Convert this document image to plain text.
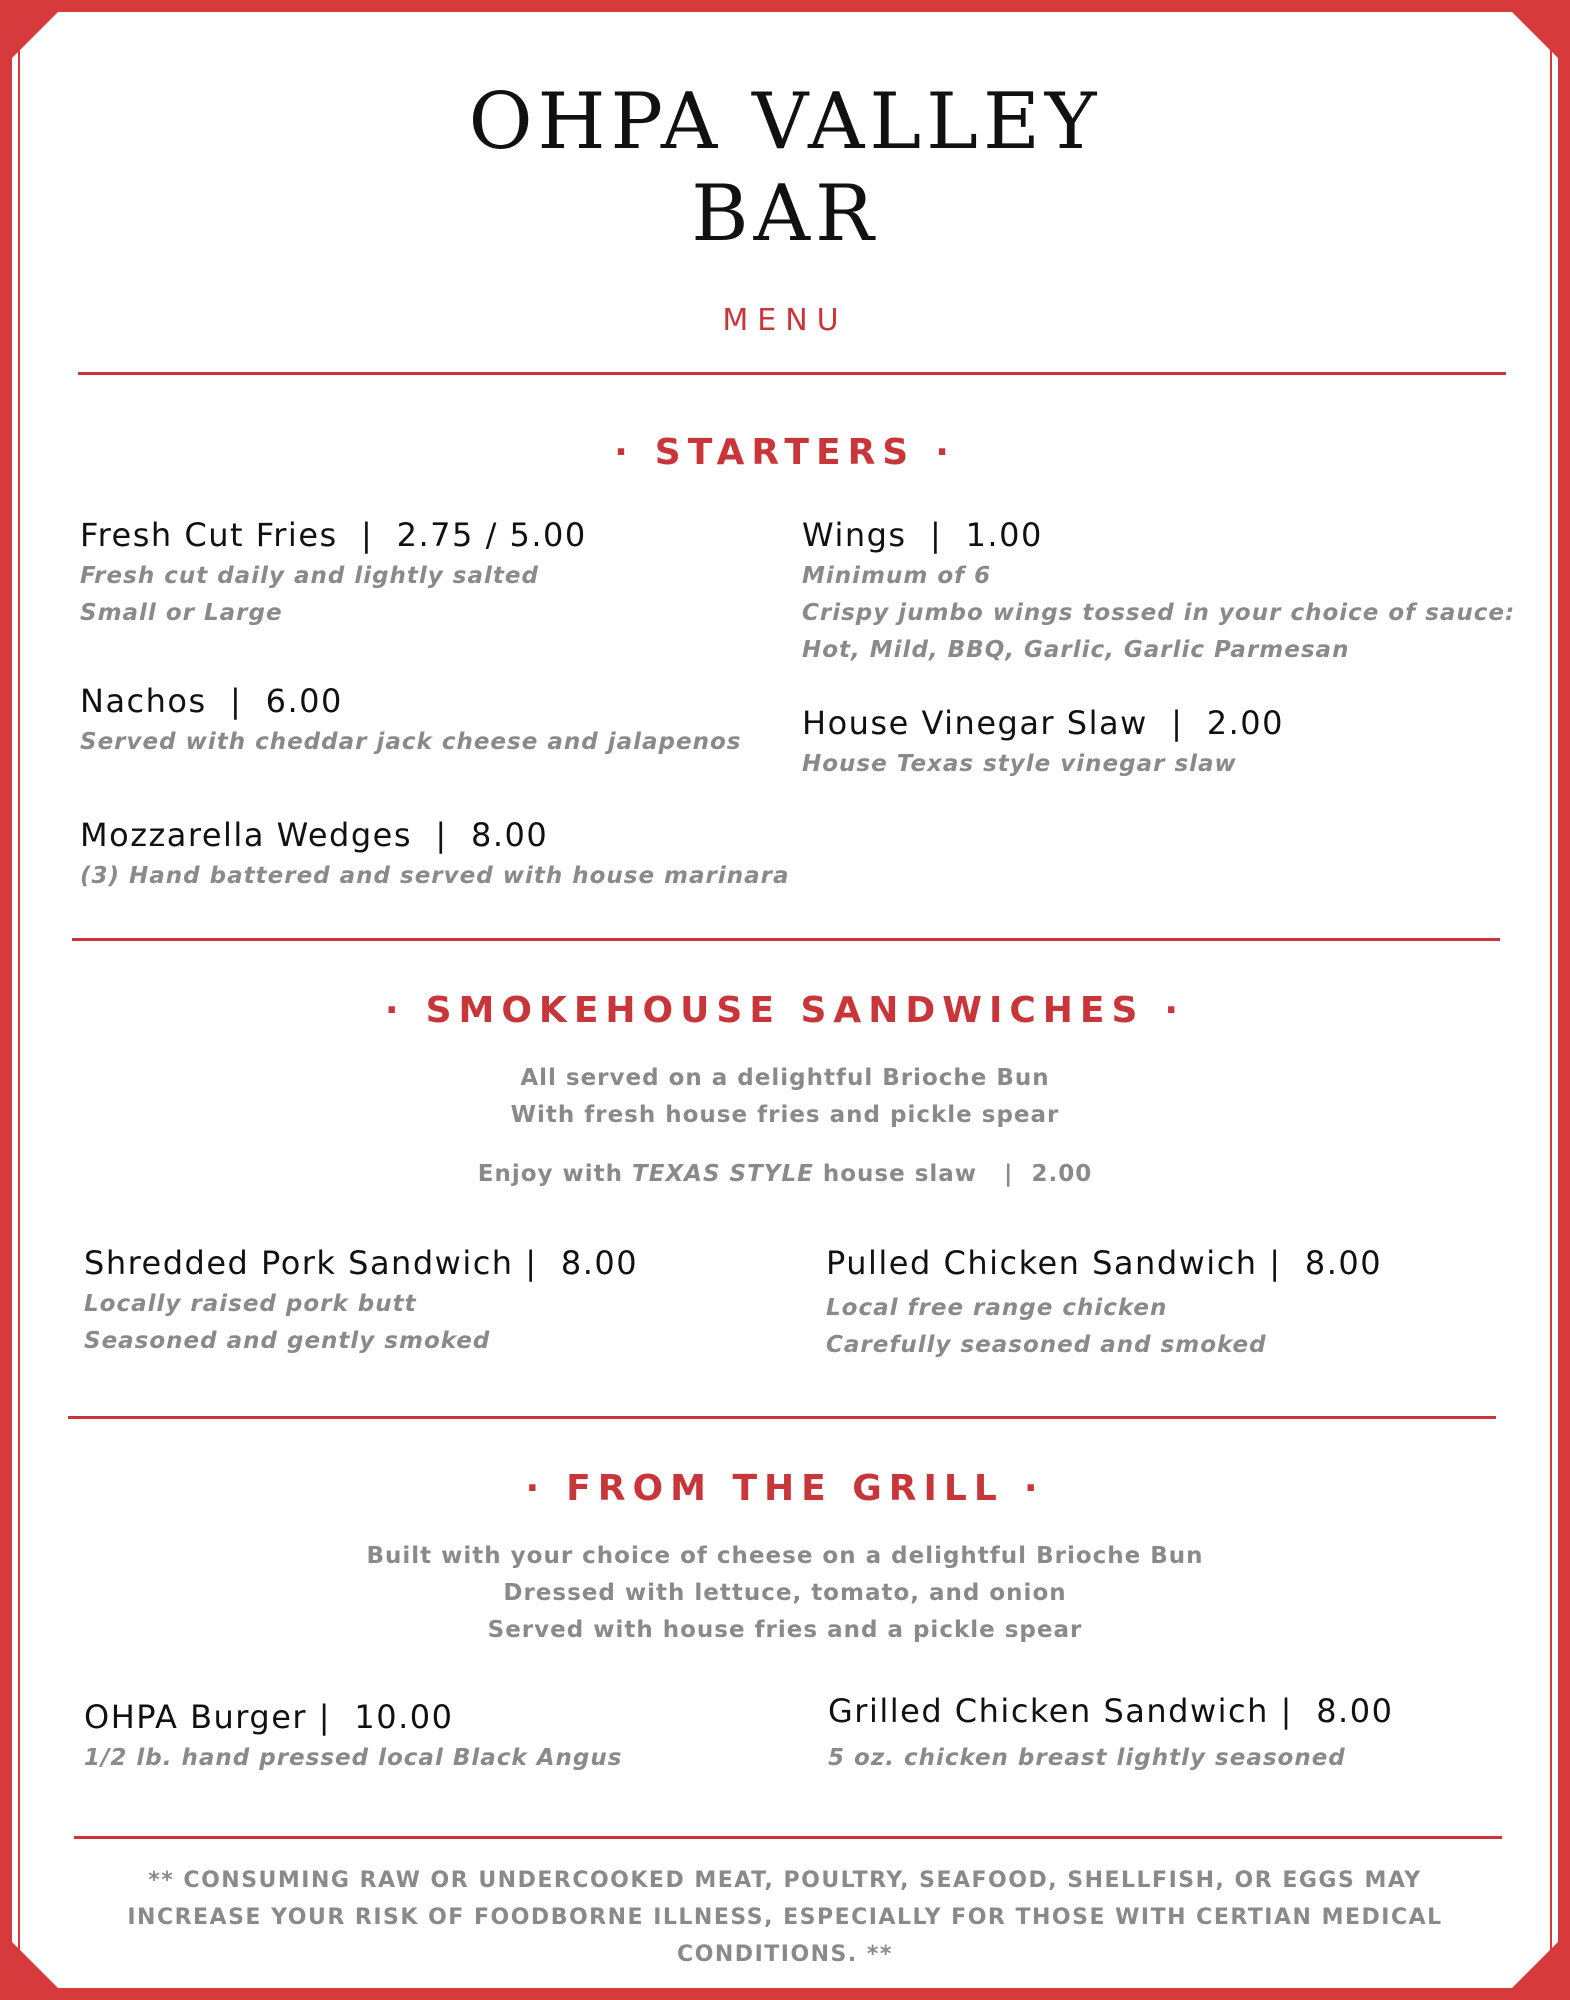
OHPA VALLEY
BAR
MENU
· STARTERS ·
Fresh Cut Fries  |  2.75 / 5.00
Fresh cut daily and lightly salted
Small or Large
Nachos  |  6.00
Served with cheddar jack cheese and jalapenos
Mozzarella Wedges  |  8.00
(3) Hand battered and served with house marinara
Wings  |  1.00
Minimum of 6
Crispy jumbo wings tossed in your choice of sauce:
Hot, Mild, BBQ, Garlic, Garlic Parmesan
House Vinegar Slaw  |  2.00
House Texas style vinegar slaw
· SMOKEHOUSE SANDWICHES ·
All served on a delightful Brioche Bun
With fresh house fries and pickle spear
Enjoy with TEXAS STYLE house slaw   |  2.00
Shredded Pork Sandwich |  8.00
Locally raised pork butt
Seasoned and gently smoked
Pulled Chicken Sandwich |  8.00
Local free range chicken
Carefully seasoned and smoked
· FROM THE GRILL ·
Built with your choice of cheese on a delightful Brioche Bun
Dressed with lettuce, tomato, and onion
Served with house fries and a pickle spear
OHPA Burger |  10.00
1/2 lb. hand pressed local Black Angus
Grilled Chicken Sandwich |  8.00
5 oz. chicken breast lightly seasoned
** CONSUMING RAW OR UNDERCOOKED MEAT, POULTRY, SEAFOOD, SHELLFISH, OR EGGS MAY
INCREASE YOUR RISK OF FOODBORNE ILLNESS, ESPECIALLY FOR THOSE WITH CERTIAN MEDICAL
CONDITIONS. **
